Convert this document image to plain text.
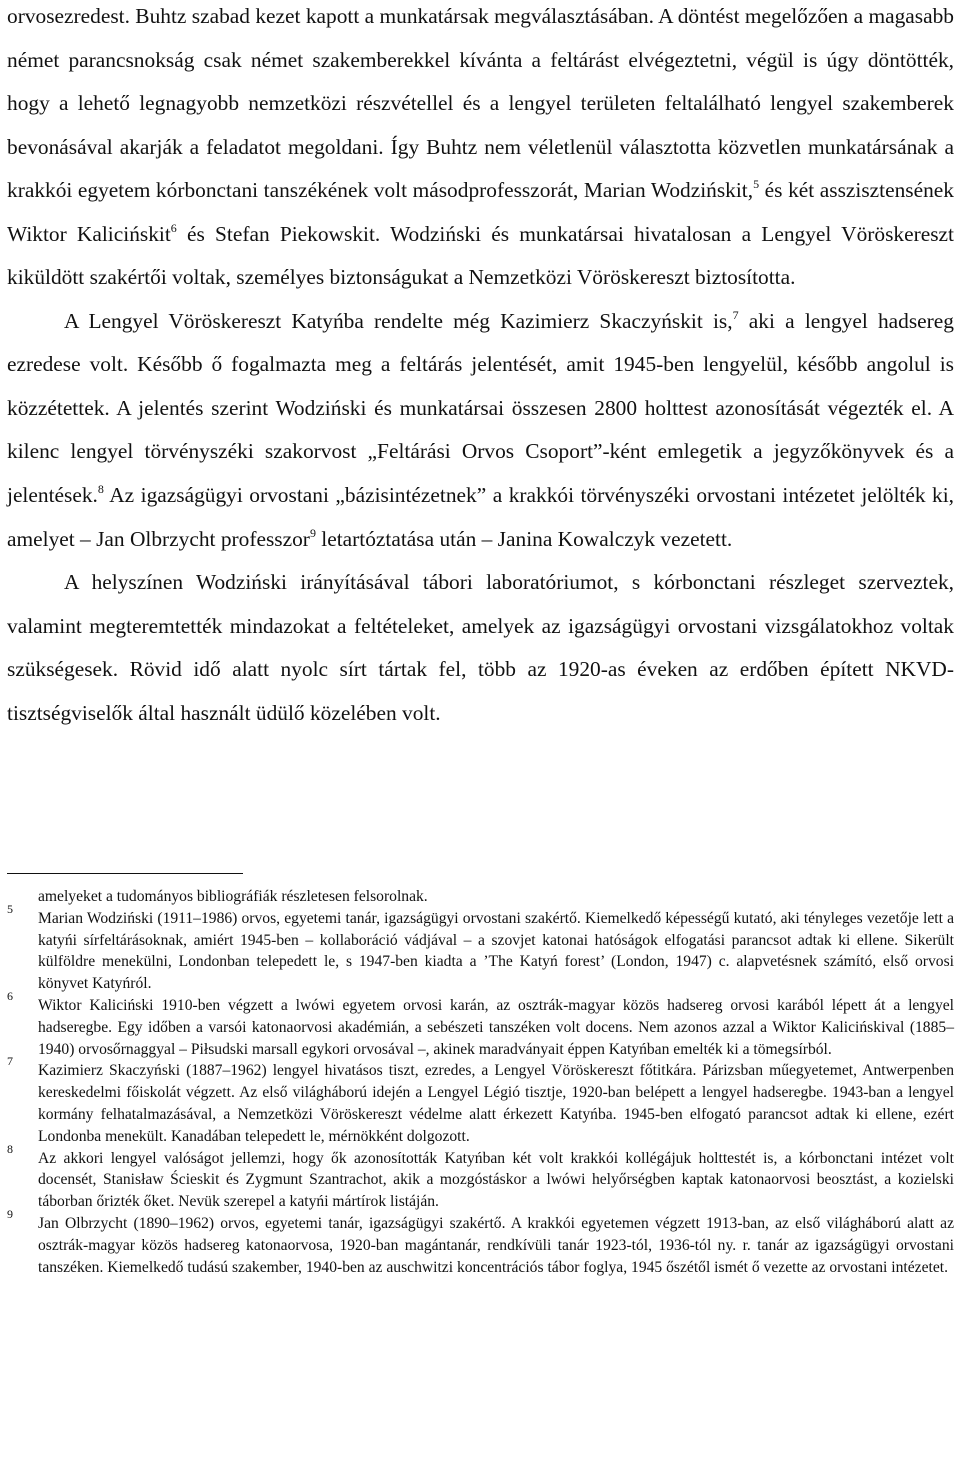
orvosezredest. Buhtz szabad kezet kapott a munkatársak megválasztásában. A döntést megelőzően a magasabb német parancsnokság csak német szakemberekkel kívánta a feltárást elvégeztetni, végül is úgy döntötték, hogy a lehető legnagyobb nemzetközi részvétellel és a lengyel területen feltalálható lengyel szakemberek bevonásával akarják a feladatot megoldani. Így Buhtz nem véletlenül választotta közvetlen munkatársának a krakkói egyetem kórbonctani tanszékének volt másodprofesszorát, Marian Wodzińskit,$^5$ és két asszisztensének Wiktor Kalicińskit$^6$ és Stefan Piekowskit. Wodziński és munkatársai hivatalosan a Lengyel Vöröskereszt kiküldött szakértői voltak, személyes biztonságukat a Nemzetközi Vöröskereszt biztosította.

A Lengyel Vöröskereszt Katyńba rendelte még Kazimierz Skaczyńskit is,$^7$ aki a lengyel hadsereg ezredese volt. Később ő fogalmazta meg a feltárás jelentését, amit 1945-ben lengyelül, később angolul is közzétettek. A jelentés szerint Wodziński és munkatársai összesen 2800 holttest azonosítását végezték el. A kilenc lengyel törvényszéki szakorvost „Feltárási Orvos Csoport”-ként emlegetik a jegyzőkönyvek és a jelentések.$^8$ Az igazságügyi orvostani „bázisintézetnek” a krakkói törvényszéki orvostani intézetet jelölték ki, amelyet – Jan Olbrzycht professzor$^9$ letartóztatása után – Janina Kowalczyk vezetett.

A helyszínen Wodziński irányításával tábori laboratóriumot, s kórbonctani részleget szerveztek, valamint megteremtették mindazokat a feltételeket, amelyek az igazságügyi orvostani vizsgálatokhoz voltak szükségesek. Rövid idő alatt nyolc sírt tártak fel, több az 1920-as éveken az erdőben épített NKVD-tisztségviselők által használt üdülő közelében volt.

amelyeket a tudományos bibliográfiák részletesen felsorolnak.
5
Marian Wodziński (1911–1986) orvos, egyetemi tanár, igazságügyi orvostani szakértő. Kiemelkedő képességű kutató, aki tényleges vezetője lett a katyńi sírfeltárásoknak, amiért 1945-ben – kollaboráció vádjával – a szovjet katonai hatóságok elfogatási parancsot adtak ki ellene. Sikerült külföldre menekülni, Londonban telepedett le, s 1947-ben kiadta a ’The Katyń forest’ (London, 1947) c. alapvetésnek számító, első orvosi könyvet Katyńról.
6
Wiktor Kaliciński 1910-ben végzett a lwówi egyetem orvosi karán, az osztrák-magyar közös hadsereg orvosi karából lépett át a lengyel hadseregbe. Egy időben a varsói katonaorvosi akadémián, a sebészeti tanszéken volt docens. Nem azonos azzal a Wiktor Kalicińskival (1885–1940) orvosőrnaggyal – Piłsudski marsall egykori orvosával –, akinek maradványait éppen Katyńban emelték ki a tömegsírból.
7
Kazimierz Skaczyński (1887–1962) lengyel hivatásos tiszt, ezredes, a Lengyel Vöröskereszt főtitkára. Párizsban műegyetemet, Antwerpenben kereskedelmi főiskolát végzett. Az első világháború idején a Lengyel Légió tisztje, 1920-ban belépett a lengyel hadseregbe. 1943-ban a lengyel kormány felhatalmazásával, a Nemzetközi Vöröskereszt védelme alatt érkezett Katyńba. 1945-ben elfogató parancsot adtak ki ellene, ezért Londonba menekült. Kanadában telepedett le, mérnökként dolgozott.
8
Az akkori lengyel valóságot jellemzi, hogy ők azonosították Katyńban két volt krakkói kollégájuk holttestét is, a kórbonctani intézet volt docensét, Stanisław Ścieskit és Zygmunt Szantrachot, akik a mozgóstáskor a lwówi helyőrségben kaptak katonaorvosi beosztást, a kozielski táborban őrizték őket. Nevük szerepel a katyńi mártírok listáján.
9
Jan Olbrzycht (1890–1962) orvos, egyetemi tanár, igazságügyi szakértő. A krakkói egyetemen végzett 1913-ban, az első világháború alatt az osztrák-magyar közös hadsereg katonaorvosa, 1920-ban magántanár, rendkívüli tanár 1923-tól, 1936-tól ny. r. tanár az igazságügyi orvostani tanszéken. Kiemelkedő tudású szakember, 1940-ben az auschwitzi koncentrációs tábor foglya, 1945 őszétől ismét ő vezette az orvostani intézetet.
